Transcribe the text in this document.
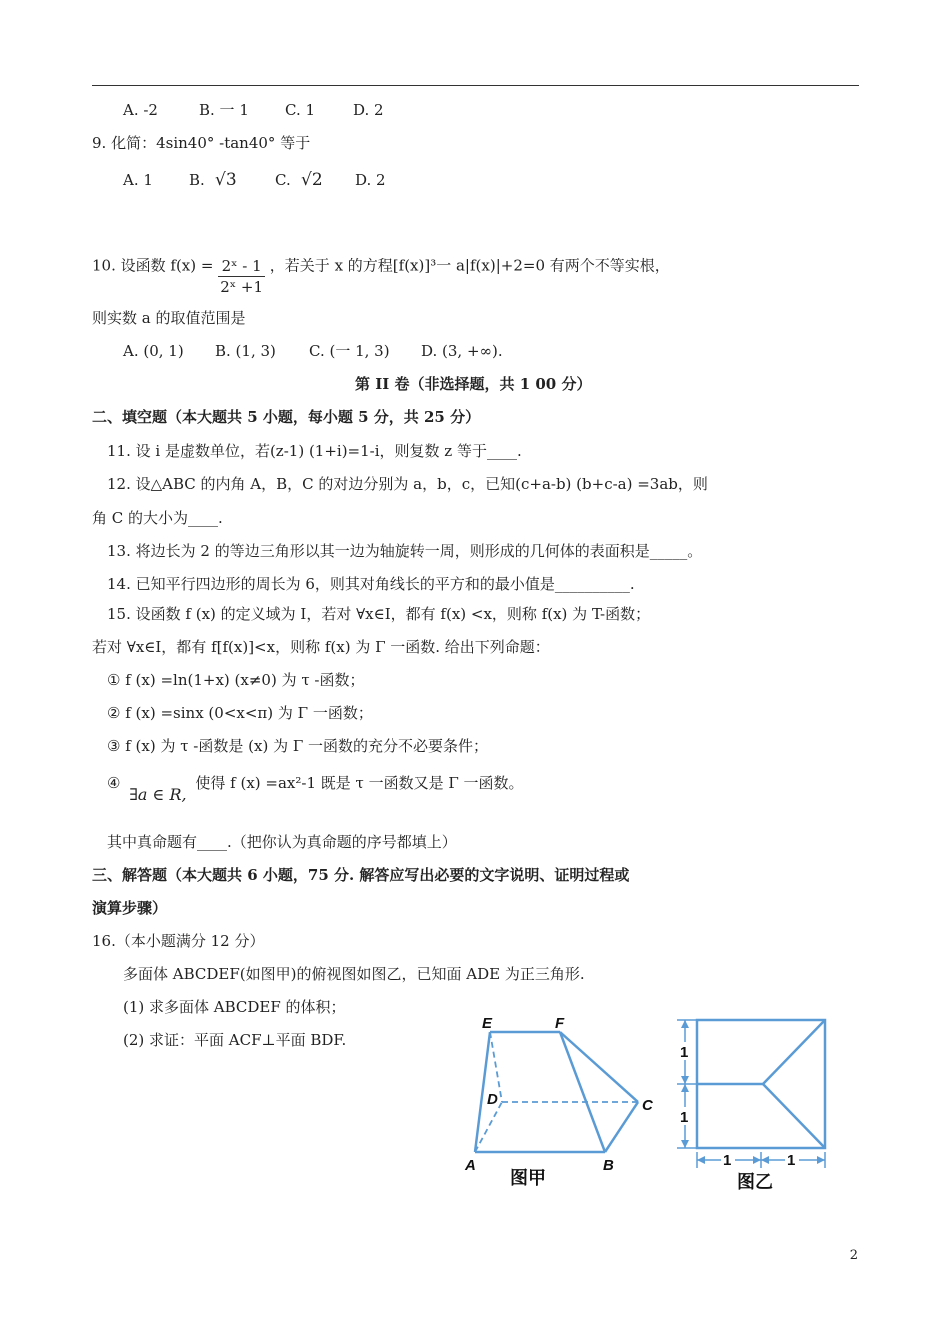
A. -2	B. 一 1 C. 1	D. 2
9. 化简：4sin40° -tan40° 等于
A. 1 B. √3	C. √2 D. 2
10. 设函数 $f(x) = \frac{\text{2ˣ - 1}}{\text{2ˣ +1}}$ ，若关于 x 的方程[f(x)]³一 a|f(x)|+2=0 有两个不等实根，
则实数 a 的取值范围是
A. (0, 1) B. (1, 3) C. (一 1, 3) D. (3, +∞).
第 II 卷（非选择题，共 1 00 分）
二、填空题（本大题共 5 小题，每小题 5 分，共 25 分）
11. 设 i 是虚数单位，若(z-1) (1+i)=1-i，则复数 z 等于____.
12. 设△ABC 的内角 A，B，C 的对边分别为 a，b，c，已知(c+a-b) (b+c-a) =3ab，则
角 C 的大小为____.
13. 将边长为 2 的等边三角形以其一边为轴旋转一周，则形成的几何体的表面积是_____。
14. 已知平行四边形的周长为 6，则其对角线长的平方和的最小值是__________.
15. 设函数 f (x) 的定义域为 I，若对 ∀x∈I，都有 f(x) <x，则称 f(x) 为 T-函数；
若对 ∀x∈I，都有 f[f(x)]<x，则称 f(x) 为 Γ 一函数. 给出下列命题：
① f (x) =ln(1+x) (x≠0) 为 τ -函数；
② f (x) =sinx (0<x<π) 为 Γ 一函数；
③ f (x) 为 τ -函数是 (x) 为 Γ 一函数的充分不必要条件；
④ ∃a ∈ R, 使得 f (x) =ax²-1 既是 τ 一函数又是 Γ 一函数。
其中真命题有____.（把你认为真命题的序号都填上）
三、解答题（本大题共 6 小题，75 分. 解答应写出必要的文字说明、证明过程或
演算步骤）
16.（本小题满分 12 分）
多面体 ABCDEF(如图甲)的俯视图如图乙，已知面 ADE 为正三角形.
(1) 求多面体 ABCDEF 的体积；
(2) 求证：平面 ACF⊥平面 BDF.
E	F
D	C
A	B
图甲
1
1
1	1
图乙
2
